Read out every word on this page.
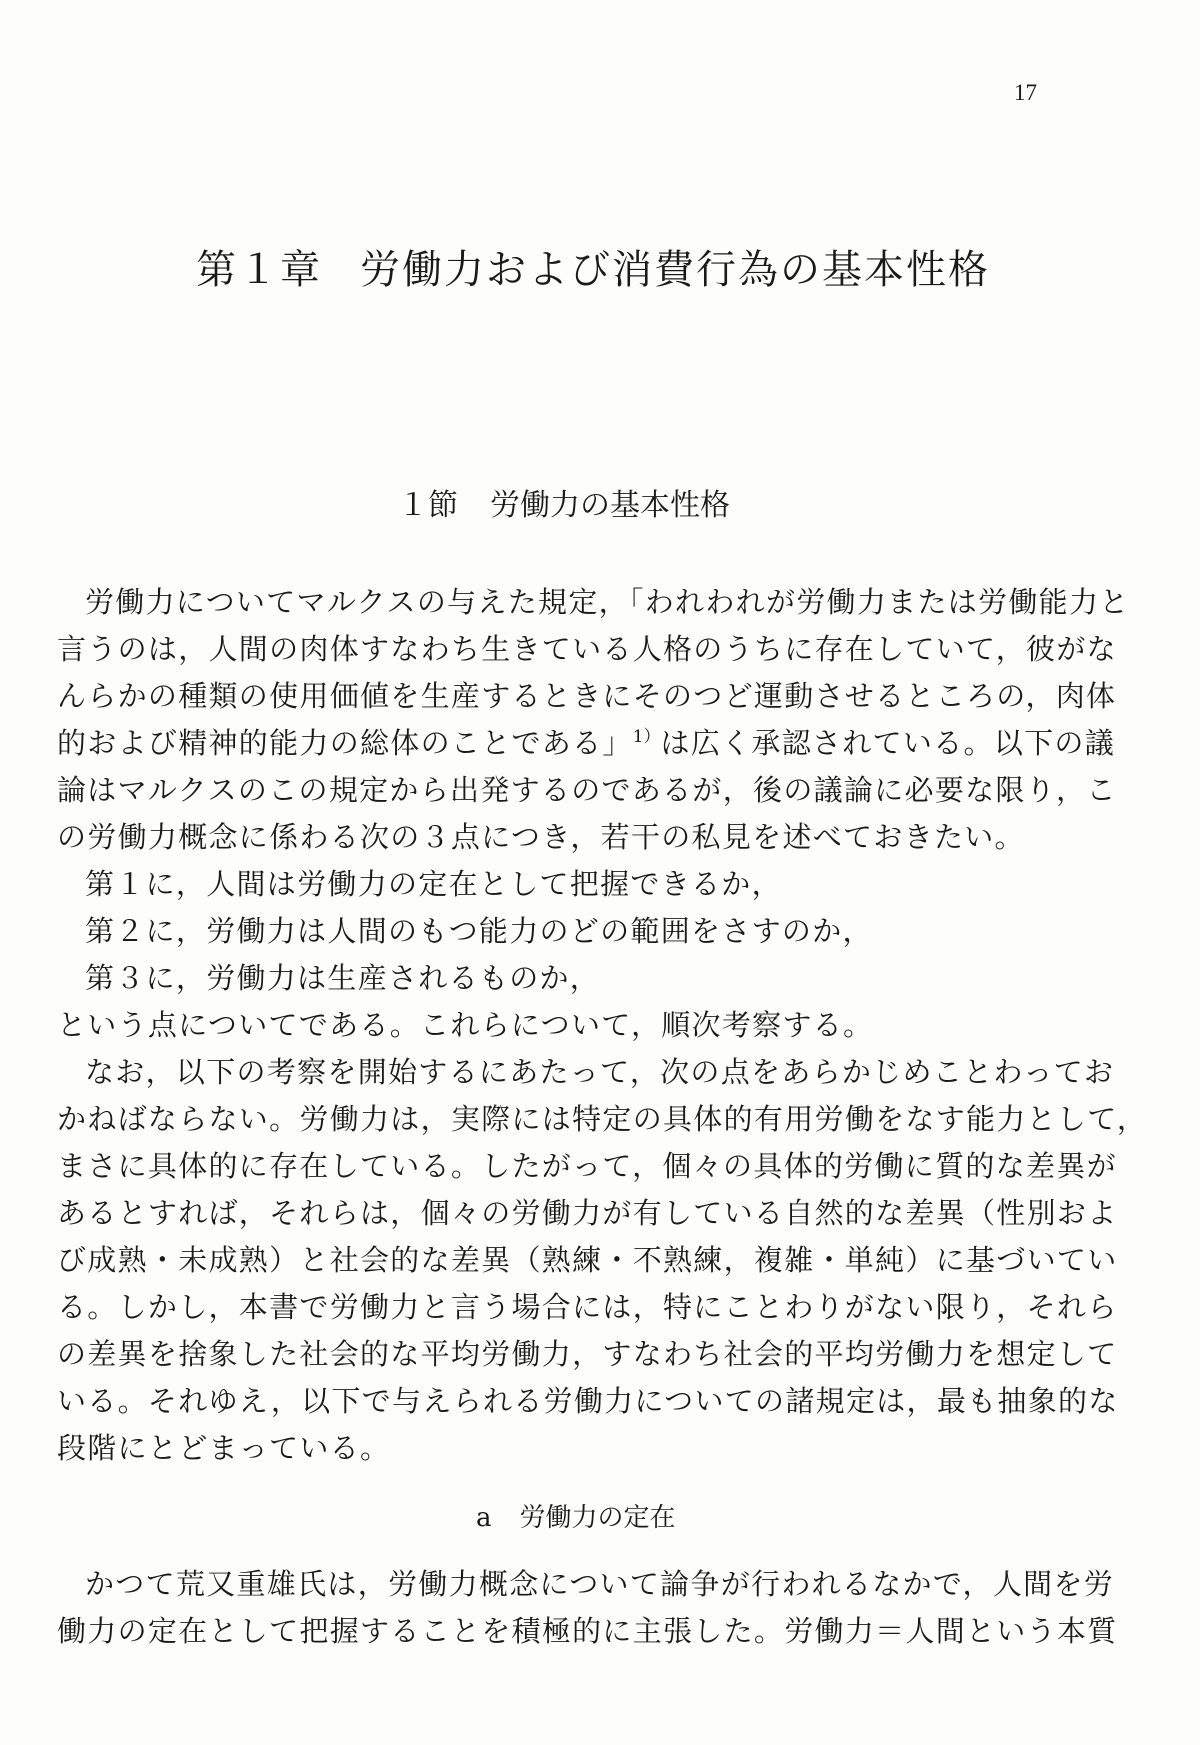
17
第１章 労働力および消費行為の基本性格
１節 労働力の基本性格
労働力についてマルクスの与えた規定，「われわれが労働力または労働能力と
言うのは，人間の肉体すなわち生きている人格のうちに存在していて，彼がな
んらかの種類の使用価値を生産するときにそのつど運動させるところの，肉体
的および精神的能力の総体のことである」$^{1)}$は広く承認されている。以下の議
論はマルクスのこの規定から出発するのであるが，後の議論に必要な限り，こ
の労働力概念に係わる次の３点につき，若干の私見を述べておきたい。
第１に，人間は労働力の定在として把握できるか，
第２に，労働力は人間のもつ能力のどの範囲をさすのか，
第３に，労働力は生産されるものか，
という点についてである。これらについて，順次考察する。
なお，以下の考察を開始するにあたって，次の点をあらかじめことわってお
かねばならない。労働力は，実際には特定の具体的有用労働をなす能力として，
まさに具体的に存在している。したがって，個々の具体的労働に質的な差異が
あるとすれば，それらは，個々の労働力が有している自然的な差異（性別およ
び成熟・未成熟）と社会的な差異（熟練・不熟練，複雑・単純）に基づいてい
る。しかし，本書で労働力と言う場合には，特にことわりがない限り，それら
の差異を捨象した社会的な平均労働力，すなわち社会的平均労働力を想定して
いる。それゆえ，以下で与えられる労働力についての諸規定は，最も抽象的な
段階にとどまっている。
a 労働力の定在
かつて荒又重雄氏は，労働力概念について論争が行われるなかで，人間を労
働力の定在として把握することを積極的に主張した。労働力＝人間という本質
